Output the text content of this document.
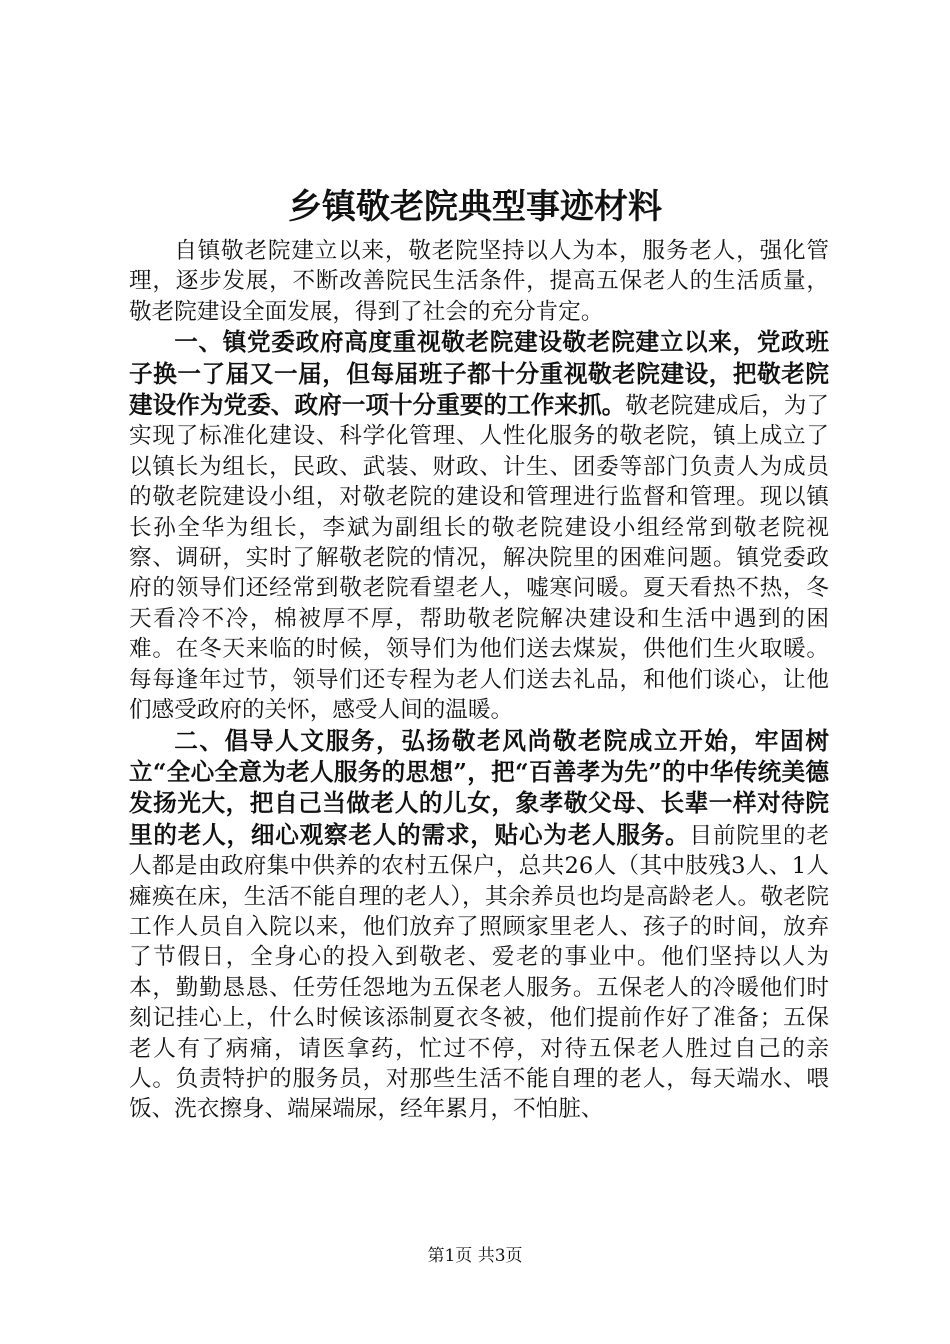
乡镇敬老院典型事迹材料

自镇敬老院建立以来，敬老院坚持以人为本，服务老人，强化管理，逐步发展，不断改善院民生活条件，提高五保老人的生活质量，敬老院建设全面发展，得到了社会的充分肯定。

一、镇党委政府高度重视敬老院建设敬老院建立以来，党政班子换一了届又一届，但每届班子都十分重视敬老院建设，把敬老院建设作为党委、政府一项十分重要的工作来抓。敬老院建成后，为了实现了标准化建设、科学化管理、人性化服务的敬老院，镇上成立了以镇长为组长，民政、武装、财政、计生、团委等部门负责人为成员的敬老院建设小组，对敬老院的建设和管理进行监督和管理。现以镇长孙全华为组长，李斌为副组长的敬老院建设小组经常到敬老院视察、调研，实时了解敬老院的情况，解决院里的困难问题。镇党委政府的领导们还经常到敬老院看望老人，嘘寒问暖。夏天看热不热，冬天看冷不冷，棉被厚不厚，帮助敬老院解决建设和生活中遇到的困难。在冬天来临的时候，领导们为他们送去煤炭，供他们生火取暖。每每逢年过节，领导们还专程为老人们送去礼品，和他们谈心，让他们感受政府的关怀，感受人间的温暖。

二、倡导人文服务，弘扬敬老风尚敬老院成立开始，牢固树立“全心全意为老人服务的思想”，把“百善孝为先”的中华传统美德发扬光大，把自己当做老人的儿女，象孝敬父母、长辈一样对待院里的老人，细心观察老人的需求，贴心为老人服务。目前院里的老人都是由政府集中供养的农村五保户，总共26人（其中肢残3人、1人瘫痪在床，生活不能自理的老人），其余养员也均是高龄老人。敬老院工作人员自入院以来，他们放弃了照顾家里老人、孩子的时间，放弃了节假日，全身心的投入到敬老、爱老的事业中。他们坚持以人为本，勤勤恳恳、任劳任怨地为五保老人服务。五保老人的冷暖他们时刻记挂心上，什么时候该添制夏衣冬被，他们提前作好了准备；五保老人有了病痛，请医拿药，忙过不停，对待五保老人胜过自己的亲人。负责特护的服务员，对那些生活不能自理的老人，每天端水、喂饭、洗衣擦身、端屎端尿，经年累月，不怕脏、

第1页 共3页
